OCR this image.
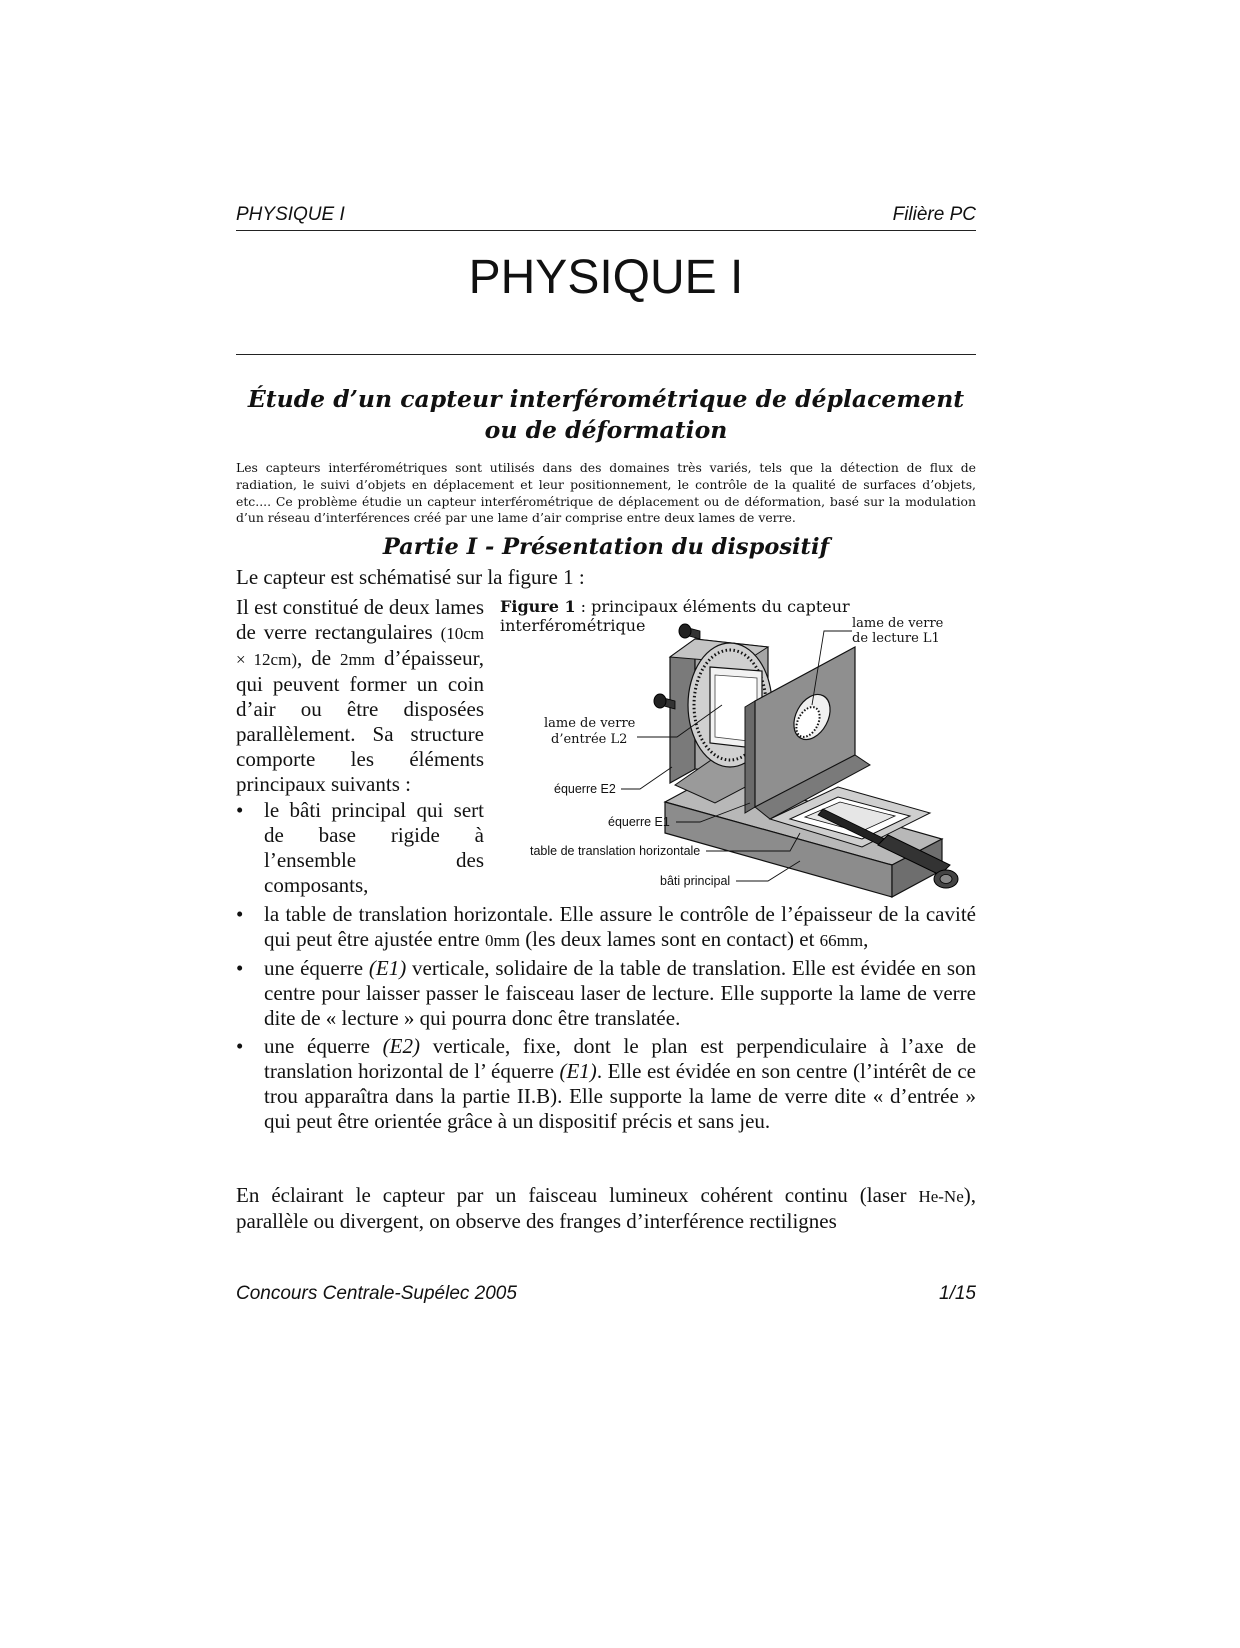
PHYSIQUE I	Filière PC
PHYSIQUE I
Étude d’un capteur interférométrique de déplacement ou de déformation
Les capteurs interférométriques sont utilisés dans des domaines très variés, tels que la détection de flux de radiation, le suivi d’objets en déplacement et leur positionnement, le contrôle de la qualité de surfaces d’objets, etc.... Ce problème étudie un capteur interférométrique de déplacement ou de déformation, basé sur la modulation d’un réseau d’interférences créé par une lame d’air comprise entre deux lames de verre.
Partie I - Présentation du dispositif
Le capteur est schématisé sur la figure 1 :
Il est constitué de deux lames de verre rectangulaires (10cm × 12cm), de 2mm d’épaisseur, qui peuvent former un coin d’air ou être disposées parallèlement. Sa structure comporte les éléments principaux suivants :
• le bâti principal qui sert de base rigide à l’ensemble des composants,
• la table de translation horizontale. Elle assure le contrôle de l’épaisseur de la cavité qui peut être ajustée entre 0mm (les deux lames sont en contact) et 66mm,
• une équerre (E1) verticale, solidaire de la table de translation. Elle est évidée en son centre pour laisser passer le faisceau laser de lecture. Elle supporte la lame de verre dite de « lecture » qui pourra donc être translatée.
• une équerre (E2) verticale, fixe, dont le plan est perpendiculaire à l’axe de translation horizontal de l’ équerre (E1). Elle est évidée en son centre (l’intérêt de ce trou apparaîtra dans la partie II.B). Elle supporte la lame de verre dite « d’entrée » qui peut être orientée grâce à un dispositif précis et sans jeu.
En éclairant le capteur par un faisceau lumineux cohérent continu (laser He-Ne), parallèle ou divergent, on observe des franges d’interférence rectilignes
Figure 1 : principaux éléments du capteur interférométrique	lame de verre
de lecture L1
lame de verre
d’entrée L2
équerre E2
équerre E1
table de translation horizontale
bâti principal
Concours Centrale-Supélec 2005	1/15
